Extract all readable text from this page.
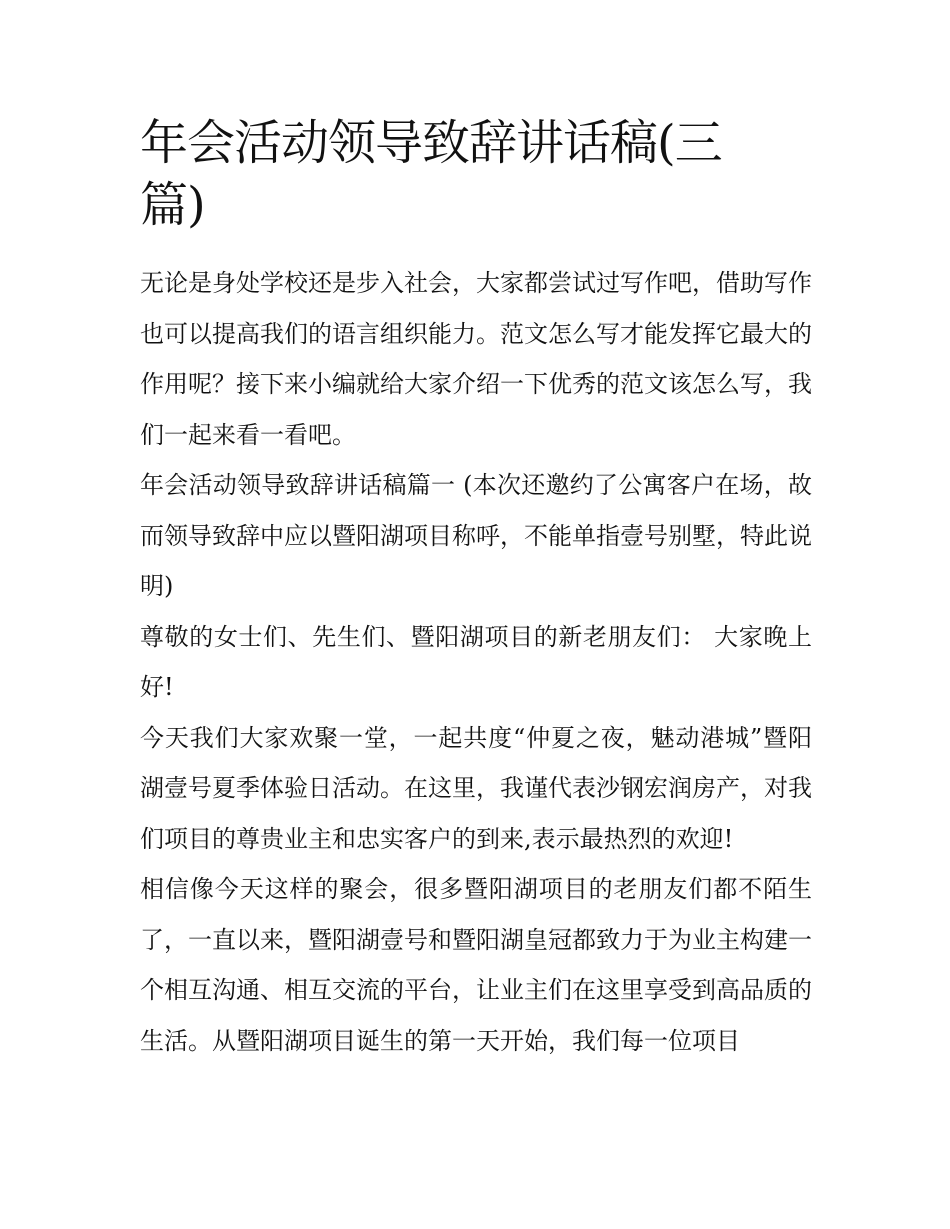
年会活动领导致辞讲话稿(三篇)

无论是身处学校还是步入社会，大家都尝试过写作吧，借助写作也可以提高我们的语言组织能力。范文怎么写才能发挥它最大的作用呢？接下来小编就给大家介绍一下优秀的范文该怎么写，我们一起来看一看吧。

年会活动领导致辞讲话稿篇一 (本次还邀约了公寓客户在场，故而领导致辞中应以暨阳湖项目称呼，不能单指壹号别墅，特此说明)

尊敬的女士们、先生们、暨阳湖项目的新老朋友们： 大家晚上好!

今天我们大家欢聚一堂，一起共度“仲夏之夜，魅动港城”暨阳湖壹号夏季体验日活动。在这里，我谨代表沙钢宏润房产，对我们项目的尊贵业主和忠实客户的到来,表示最热烈的欢迎!

相信像今天这样的聚会，很多暨阳湖项目的老朋友们都不陌生了，一直以来，暨阳湖壹号和暨阳湖皇冠都致力于为业主构建一个相互沟通、相互交流的平台，让业主们在这里享受到高品质的生活。从暨阳湖项目诞生的第一天开始，我们每一位项目
